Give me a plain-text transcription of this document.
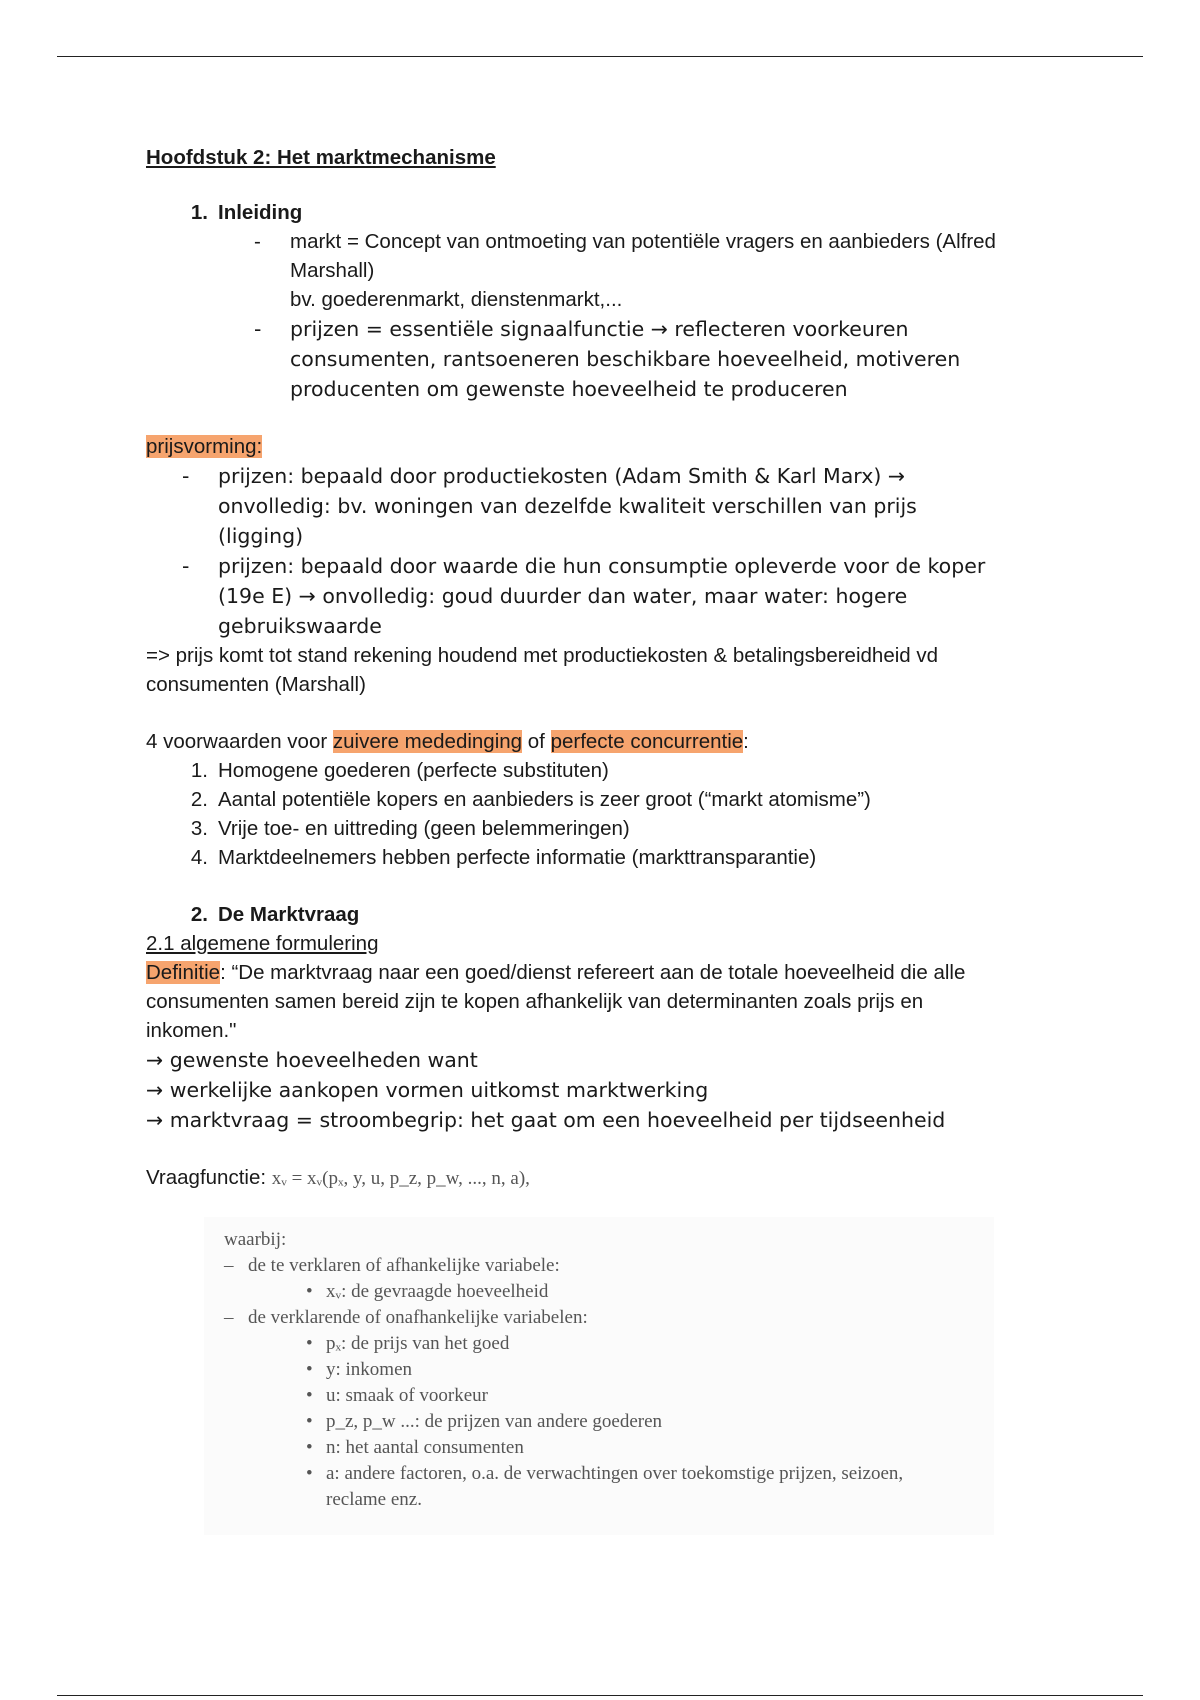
Hoofdstuk 2: Het marktmechanisme
1. Inleiding
-	markt = Concept van ontmoeting van potentiële vragers en aanbieders (Alfred
Marshall)
bv. goederenmarkt, dienstenmarkt,...
-	prijzen = essentiële signaalfunctie → reflecteren voorkeuren
consumenten, rantsoeneren beschikbare hoeveelheid, motiveren
producenten om gewenste hoeveelheid te produceren
prijsvorming:
-	prijzen: bepaald door productiekosten (Adam Smith & Karl Marx) →
onvolledig: bv. woningen van dezelfde kwaliteit verschillen van prijs
(ligging)
-	prijzen: bepaald door waarde die hun consumptie opleverde voor de koper
(19e E) → onvolledig: goud duurder dan water, maar water: hogere
gebruikswaarde
=> prijs komt tot stand rekening houdend met productiekosten & betalingsbereidheid vd
consumenten (Marshall)
4 voorwaarden voor zuivere mededinging of perfecte concurrentie:
1. Homogene goederen (perfecte substituten)
2. Aantal potentiële kopers en aanbieders is zeer groot (“markt atomisme”)
3. Vrije toe- en uittreding (geen belemmeringen)
4. Marktdeelnemers hebben perfecte informatie (markttransparantie)
2. De Marktvraag
2.1 algemene formulering
Definitie: “De marktvraag naar een goed/dienst refereert aan de totale hoeveelheid die alle
consumenten samen bereid zijn te kopen afhankelijk van determinanten zoals prijs en
inkomen."
→ gewenste hoeveelheden want
→ werkelijke aankopen vormen uitkomst marktwerking
→ marktvraag = stroombegrip: het gaat om een hoeveelheid per tijdseenheid
Vraagfunctie: xᵥ = xᵥ(pₓ, y, u, p_z, p_w, ..., n, a),
waarbij:
– de te verklaren of afhankelijke variabele:
• xᵥ: de gevraagde hoeveelheid
– de verklarende of onafhankelijke variabelen:
• pₓ: de prijs van het goed
• y: inkomen
• u: smaak of voorkeur
• p_z, p_w ...: de prijzen van andere goederen
• n: het aantal consumenten
• a: andere factoren, o.a. de verwachtingen over toekomstige prijzen, seizoen,
reclame enz.
